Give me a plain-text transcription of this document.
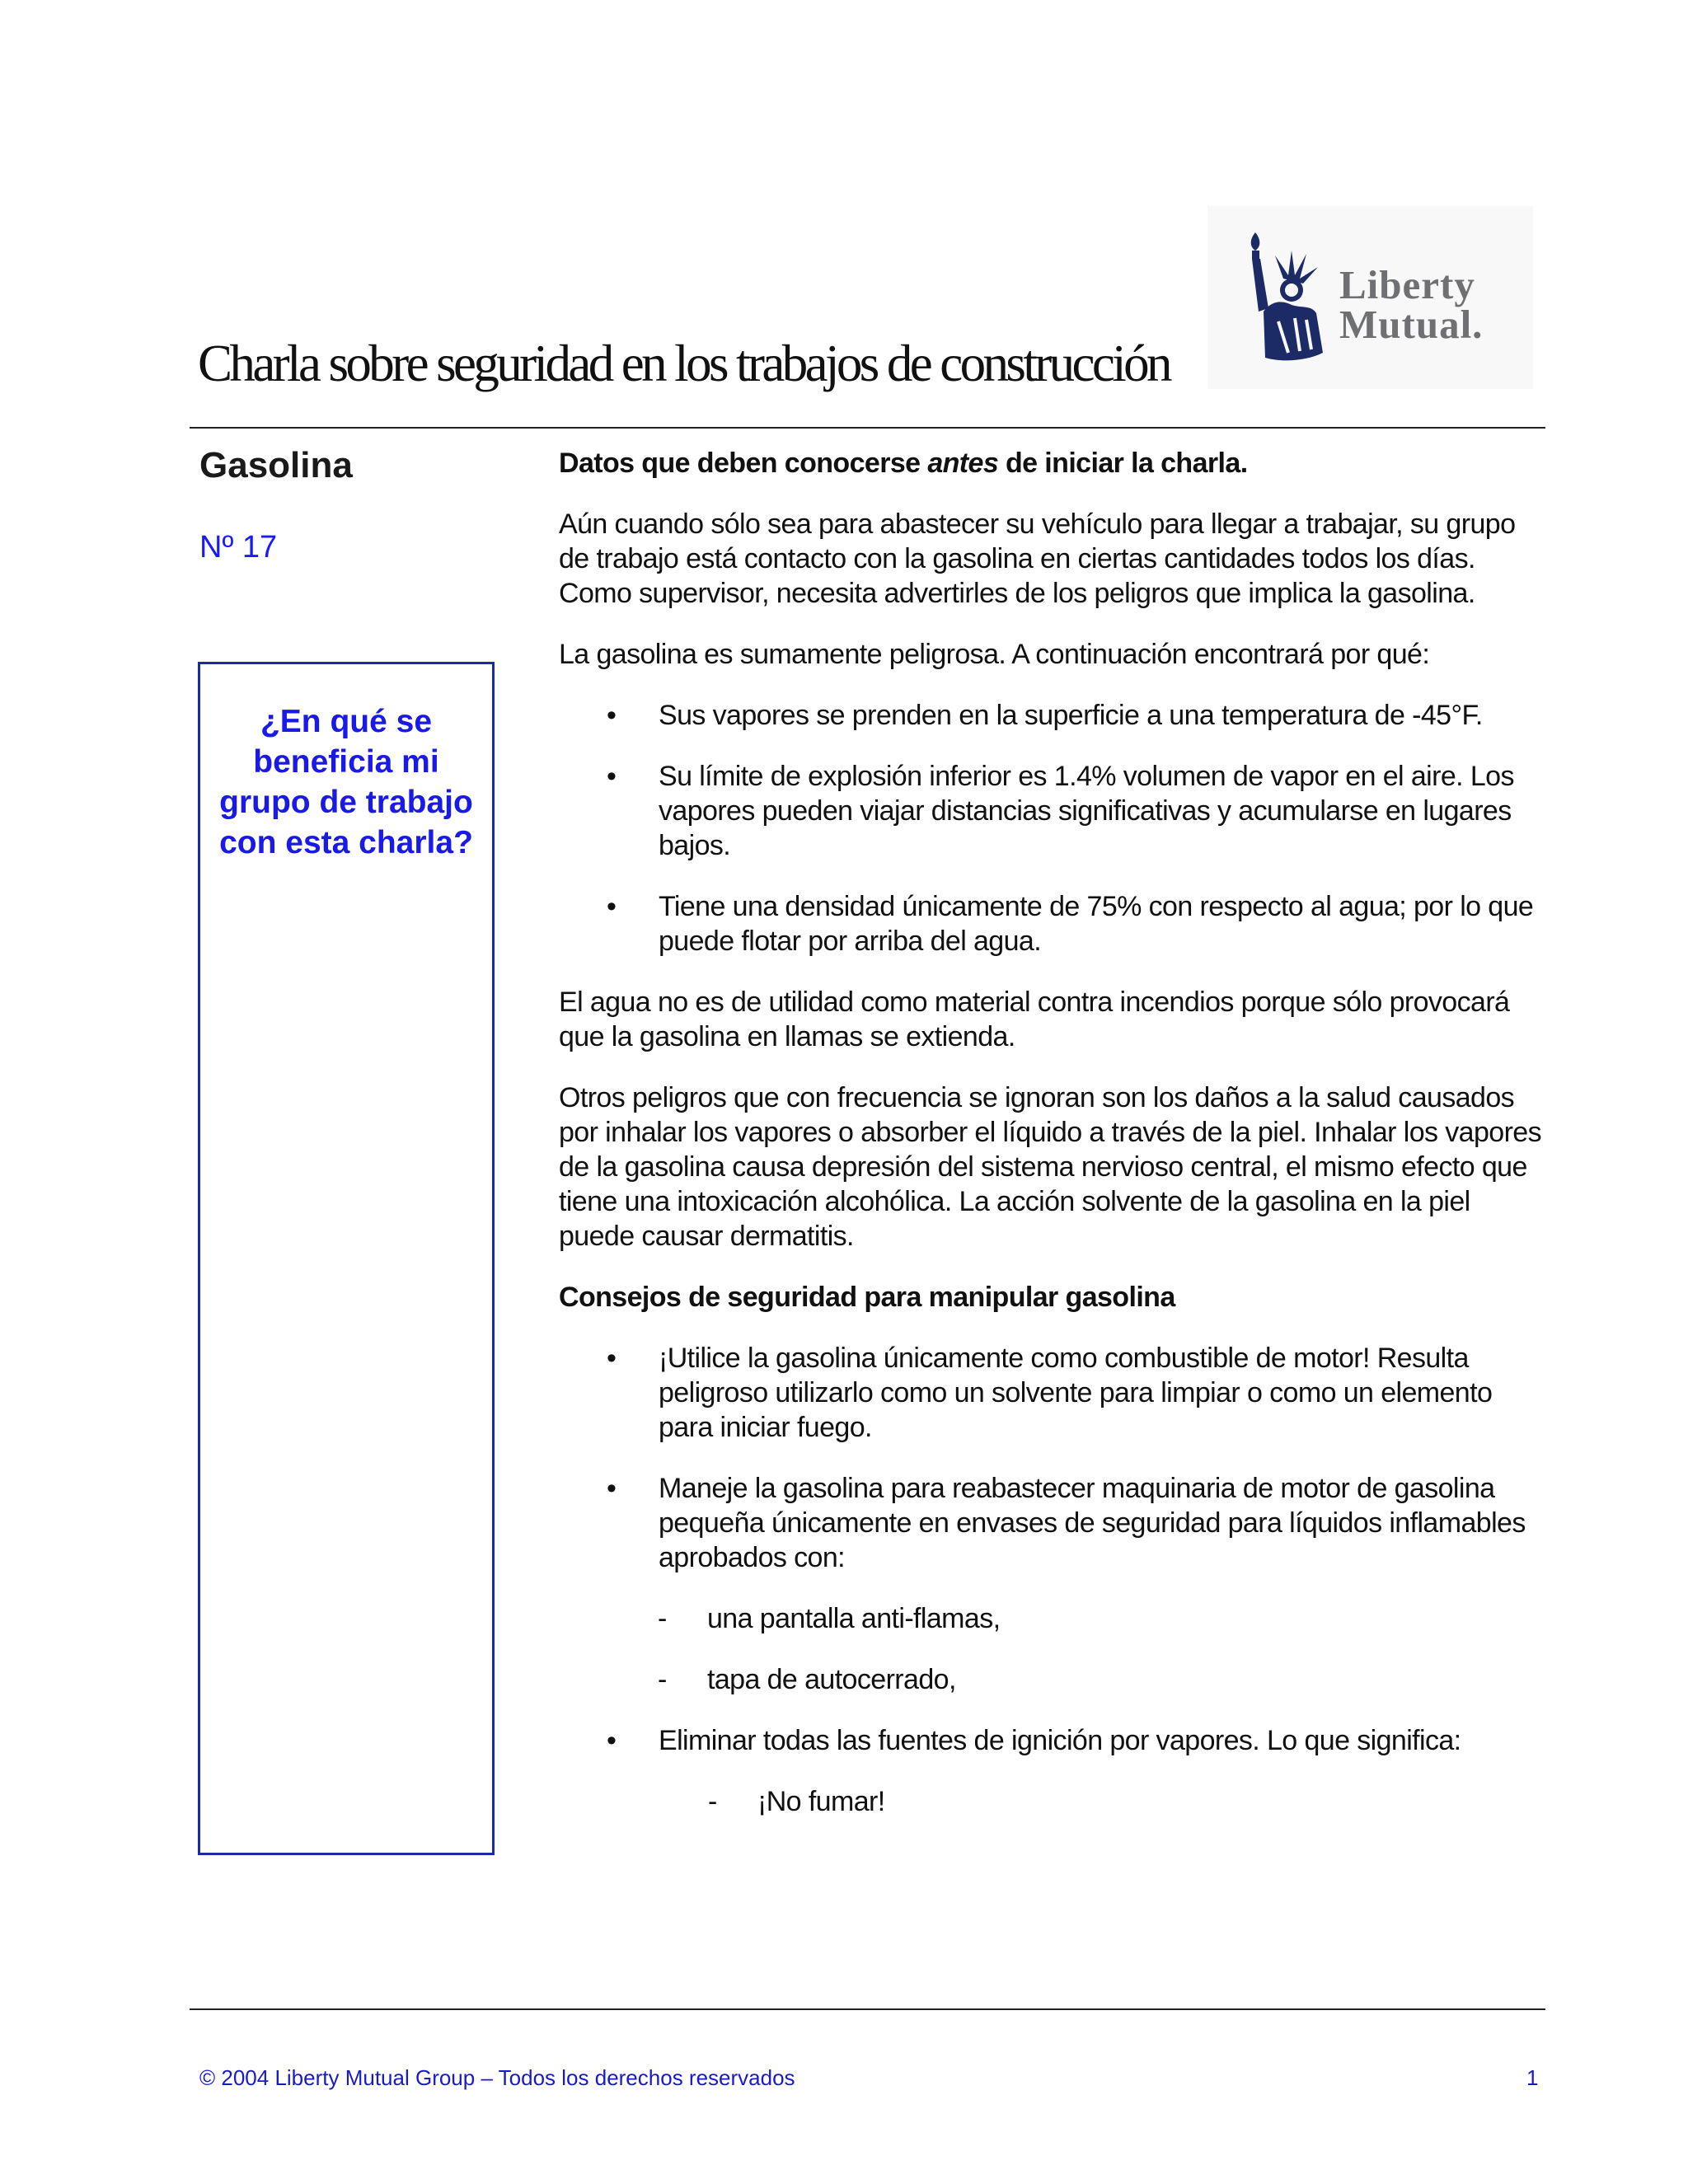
Liberty
Mutual.
Charla sobre seguridad en los trabajos de construcción
Gasolina
Nº 17
¿En qué se beneficia mi grupo de trabajo con esta charla?

Datos que deben conocerse antes de iniciar la charla.

Aún cuando sólo sea para abastecer su vehículo para llegar a trabajar, su grupo de trabajo está contacto con la gasolina en ciertas cantidades todos los días. Como supervisor, necesita advertirles de los peligros que implica la gasolina.

La gasolina es sumamente peligrosa. A continuación encontrará por qué:

• Sus vapores se prenden en la superficie a una temperatura de -45°F.
• Su límite de explosión inferior es 1.4% volumen de vapor en el aire. Los vapores pueden viajar distancias significativas y acumularse en lugares bajos.
• Tiene una densidad únicamente de 75% con respecto al agua; por lo que puede flotar por arriba del agua.

El agua no es de utilidad como material contra incendios porque sólo provocará que la gasolina en llamas se extienda.

Otros peligros que con frecuencia se ignoran son los daños a la salud causados por inhalar los vapores o absorber el líquido a través de la piel. Inhalar los vapores de la gasolina causa depresión del sistema nervioso central, el mismo efecto que tiene una intoxicación alcohólica. La acción solvente de la gasolina en la piel puede causar dermatitis.

Consejos de seguridad para manipular gasolina

• ¡Utilice la gasolina únicamente como combustible de motor! Resulta peligroso utilizarlo como un solvente para limpiar o como un elemento para iniciar fuego.
• Maneje la gasolina para reabastecer maquinaria de motor de gasolina pequeña únicamente en envases de seguridad para líquidos inflamables aprobados con:
- una pantalla anti-flamas,
- tapa de autocerrado,
• Eliminar todas las fuentes de ignición por vapores. Lo que significa:
- ¡No fumar!
© 2004 Liberty Mutual Group – Todos los derechos reservados	1
